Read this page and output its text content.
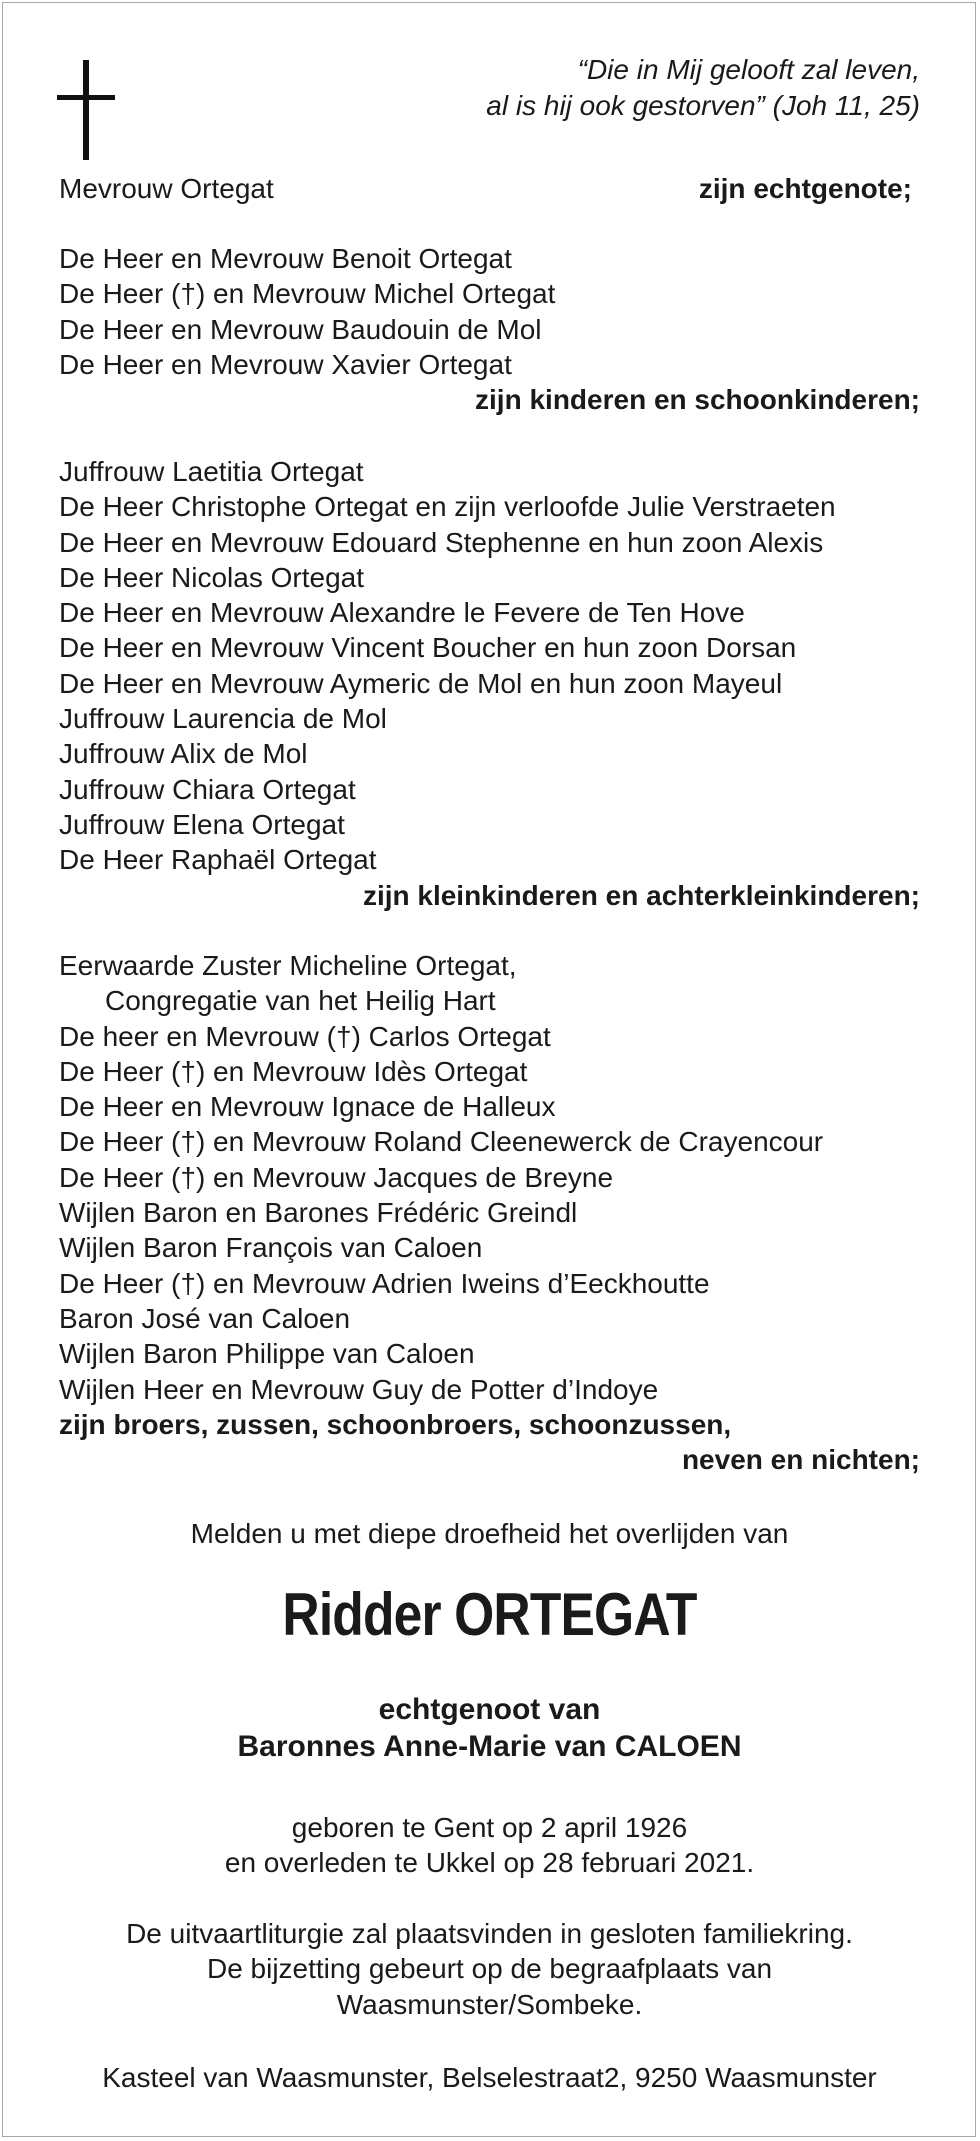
“Die in Mij gelooft zal leven,
al is hij ook gestorven” (Joh 11, 25)
Mevrouw Ortegat	zijn echtgenote;
De Heer en Mevrouw Benoit Ortegat
De Heer (†) en Mevrouw Michel Ortegat
De Heer en Mevrouw Baudouin de Mol
De Heer en Mevrouw Xavier Ortegat
zijn kinderen en schoonkinderen;
Juffrouw Laetitia Ortegat
De Heer Christophe Ortegat en zijn verloofde Julie Verstraeten
De Heer en Mevrouw Edouard Stephenne en hun zoon Alexis
De Heer Nicolas Ortegat
De Heer en Mevrouw Alexandre le Fevere de Ten Hove
De Heer en Mevrouw Vincent Boucher en hun zoon Dorsan
De Heer en Mevrouw Aymeric de Mol en hun zoon Mayeul
Juffrouw Laurencia de Mol
Juffrouw Alix de Mol
Juffrouw Chiara Ortegat
Juffrouw Elena Ortegat
De Heer Raphaël Ortegat
zijn kleinkinderen en achterkleinkinderen;
Eerwaarde Zuster Micheline Ortegat,
Congregatie van het Heilig Hart
De heer en Mevrouw (†) Carlos Ortegat
De Heer (†) en Mevrouw Idès Ortegat
De Heer en Mevrouw Ignace de Halleux
De Heer (†) en Mevrouw Roland Cleenewerck de Crayencour
De Heer (†) en Mevrouw Jacques de Breyne
Wijlen Baron en Barones Frédéric Greindl
Wijlen Baron François van Caloen
De Heer (†) en Mevrouw Adrien Iweins d’Eeckhoutte
Baron José van Caloen
Wijlen Baron Philippe van Caloen
Wijlen Heer en Mevrouw Guy de Potter d’Indoye
zijn broers, zussen, schoonbroers, schoonzussen,
neven en nichten;
Melden u met diepe droefheid het overlijden van
Ridder ORTEGAT
echtgenoot van
Baronnes Anne-Marie van CALOEN
geboren te Gent op 2 april 1926
en overleden te Ukkel op 28 februari 2021.
De uitvaartliturgie zal plaatsvinden in gesloten familiekring.
De bijzetting gebeurt op de begraafplaats van
Waasmunster/Sombeke.
Kasteel van Waasmunster, Belselestraat2, 9250 Waasmunster
